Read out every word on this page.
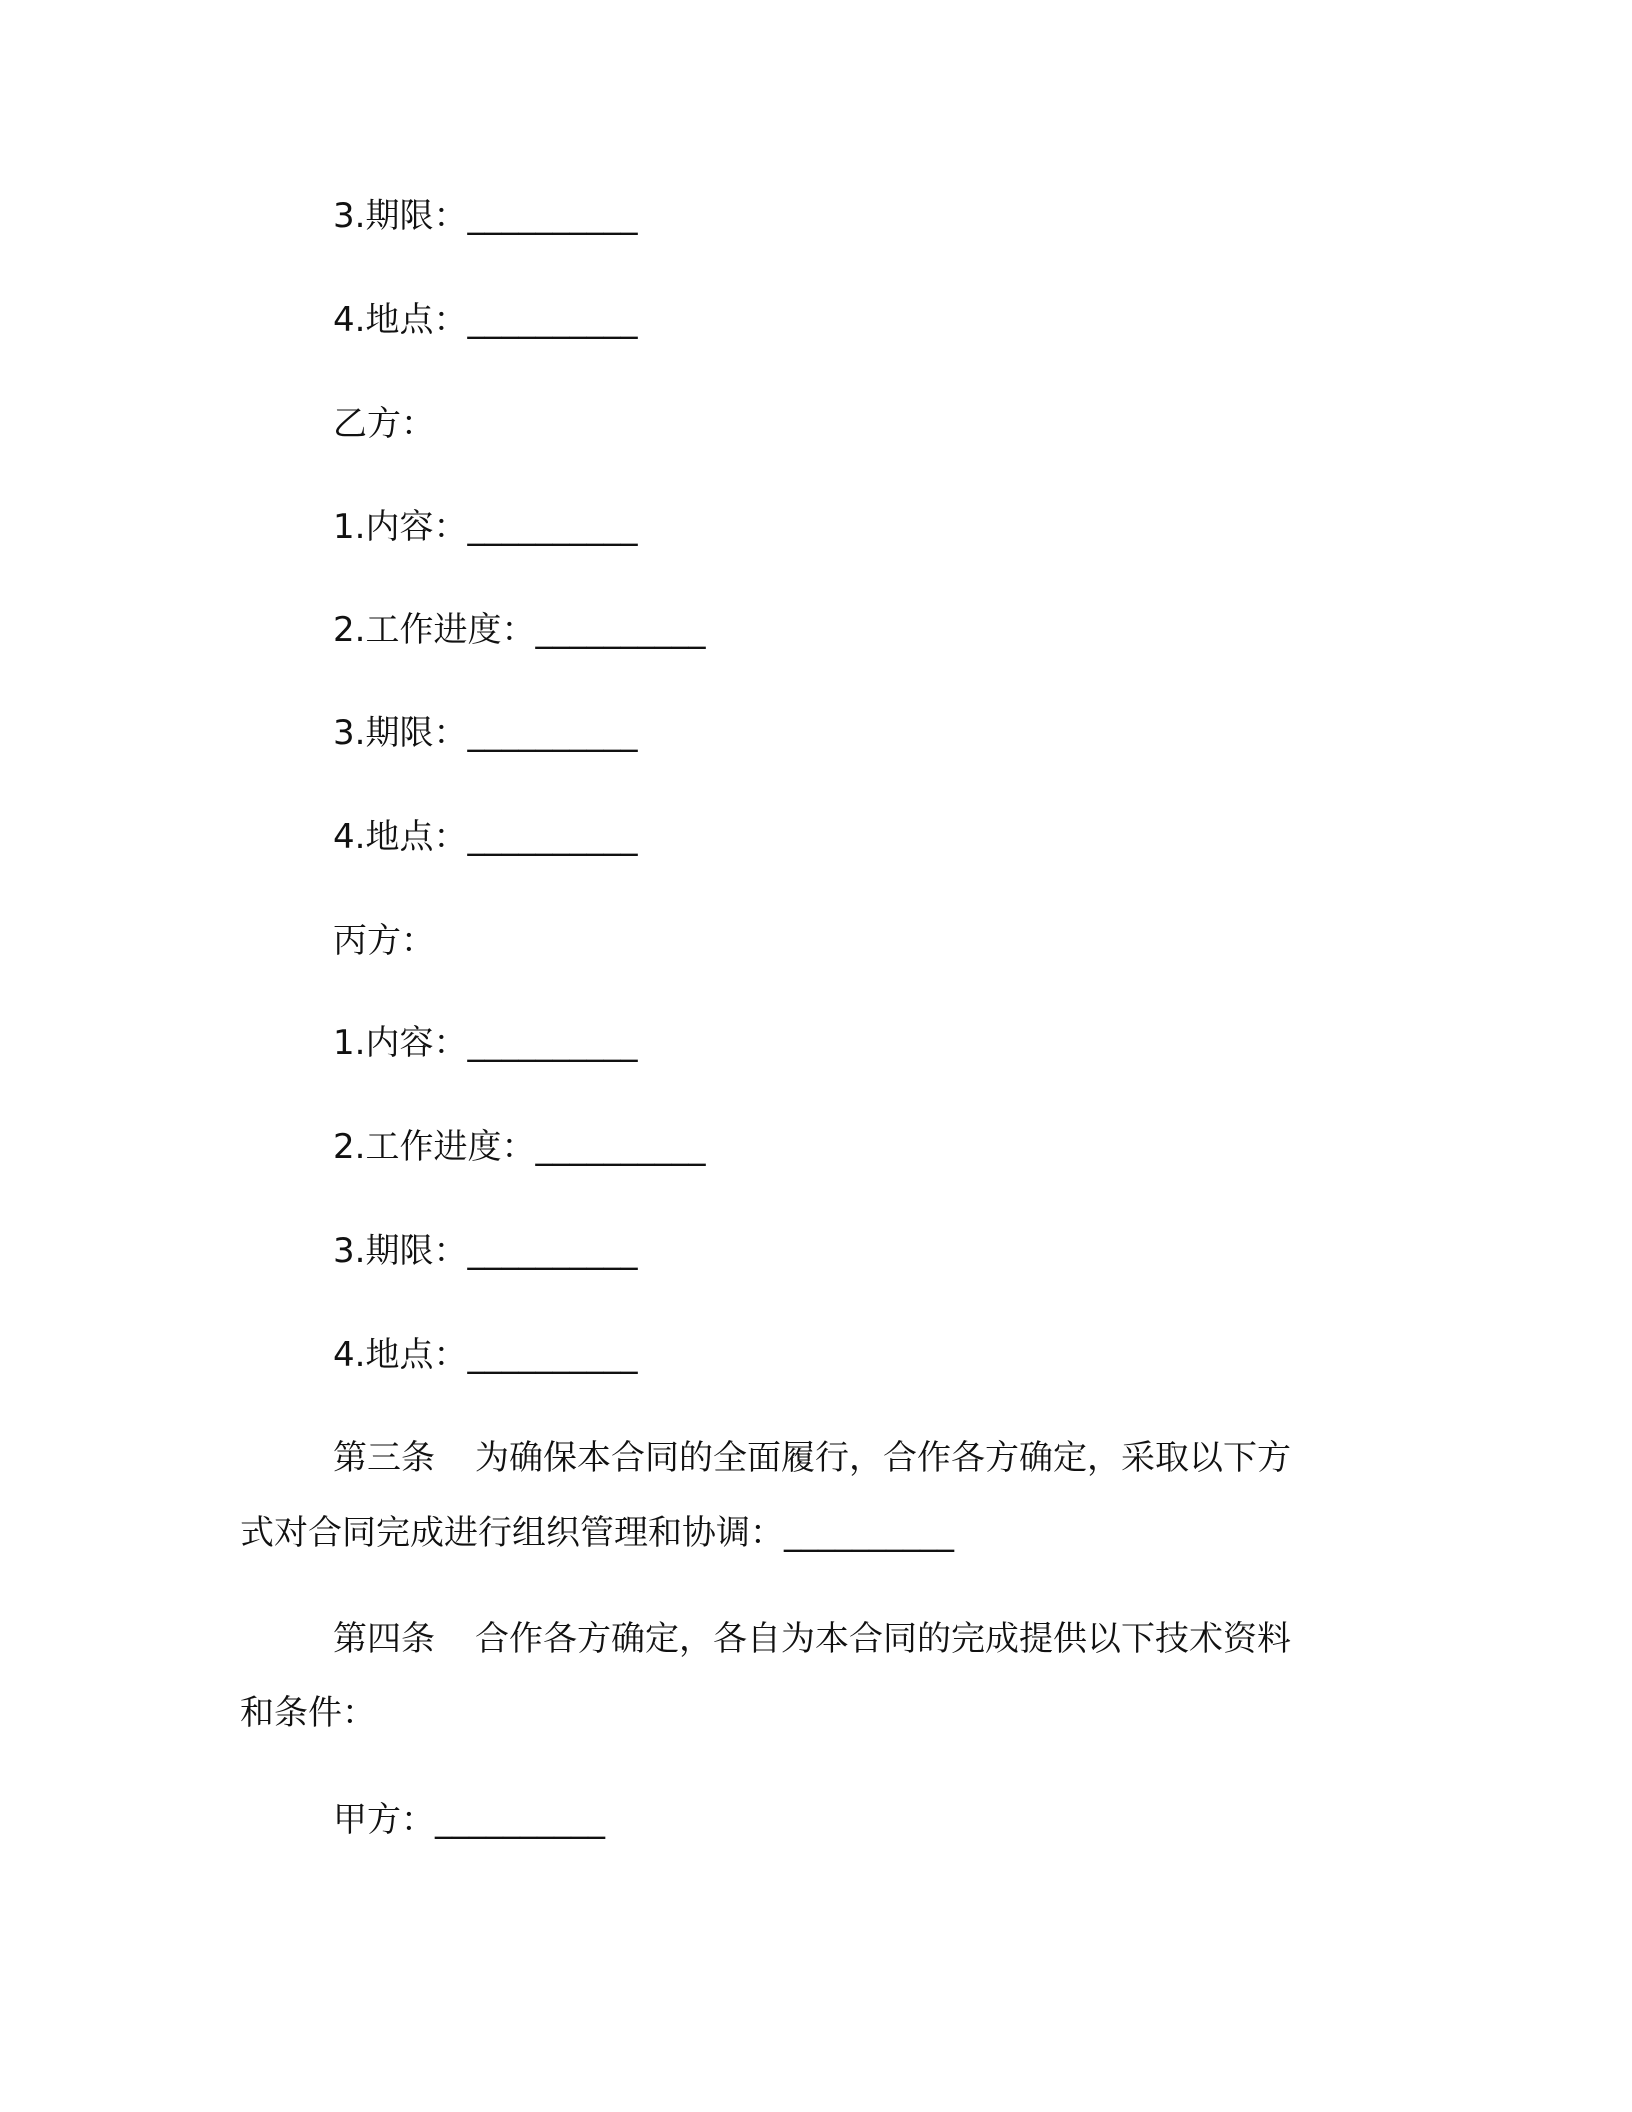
3.期限：__________
4.地点：__________
乙方：
1.内容：__________
2.工作进度：__________
3.期限：__________
4.地点：__________
丙方：
1.内容：__________
2.工作进度：__________
3.期限：__________
4.地点：__________
第三条 为确保本合同的全面履行，合作各方确定，采取以下方
式对合同完成进行组织管理和协调：__________
第四条 合作各方确定，各自为本合同的完成提供以下技术资料
和条件：
甲方：__________
